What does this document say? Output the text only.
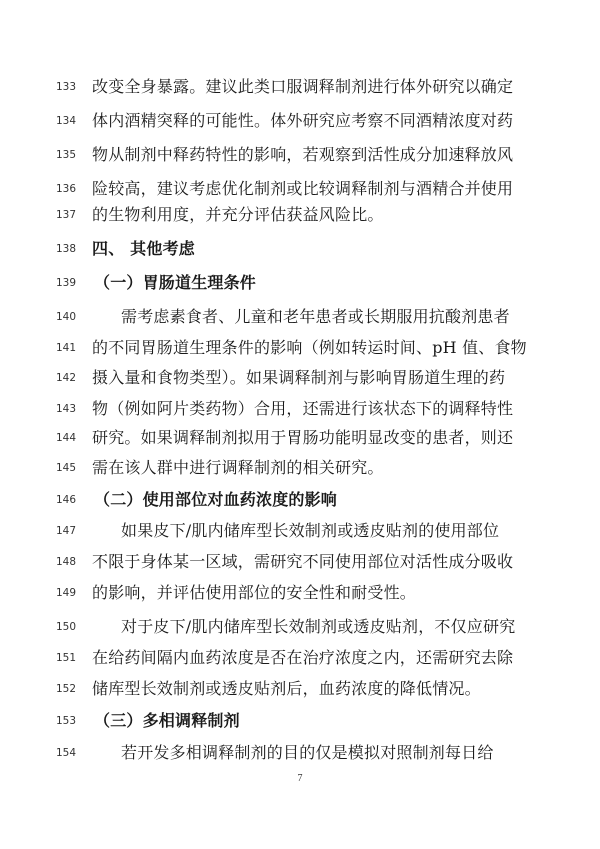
133 改变全身暴露。建议此类口服调释制剂进行体外研究以确定
134 体内酒精突释的可能性。体外研究应考察不同酒精浓度对药
135 物从制剂中释药特性的影响，若观察到活性成分加速释放风
136 险较高，建议考虑优化制剂或比较调释制剂与酒精合并使用
137 的生物利用度，并充分评估获益风险比。
138 四、 其他考虑
139	（一）胃肠道生理条件
140	需考虑素食者、儿童和老年患者或长期服用抗酸剂患者
141 的不同胃肠道生理条件的影响（例如转运时间、pH 值、食物
142 摄入量和食物类型）。如果调释制剂与影响胃肠道生理的药
143 物（例如阿片类药物）合用，还需进行该状态下的调释特性
144 研究。如果调释制剂拟用于胃肠功能明显改变的患者，则还
145 需在该人群中进行调释制剂的相关研究。
146	（二）使用部位对血药浓度的影响
147	如果皮下/肌内储库型长效制剂或透皮贴剂的使用部位
148 不限于身体某一区域，需研究不同使用部位对活性成分吸收
149 的影响，并评估使用部位的安全性和耐受性。
150	对于皮下/肌内储库型长效制剂或透皮贴剂，不仅应研究
151 在给药间隔内血药浓度是否在治疗浓度之内，还需研究去除
152 储库型长效制剂或透皮贴剂后，血药浓度的降低情况。
153	（三）多相调释制剂
154	若开发多相调释制剂的目的仅是模拟对照制剂每日给
7
